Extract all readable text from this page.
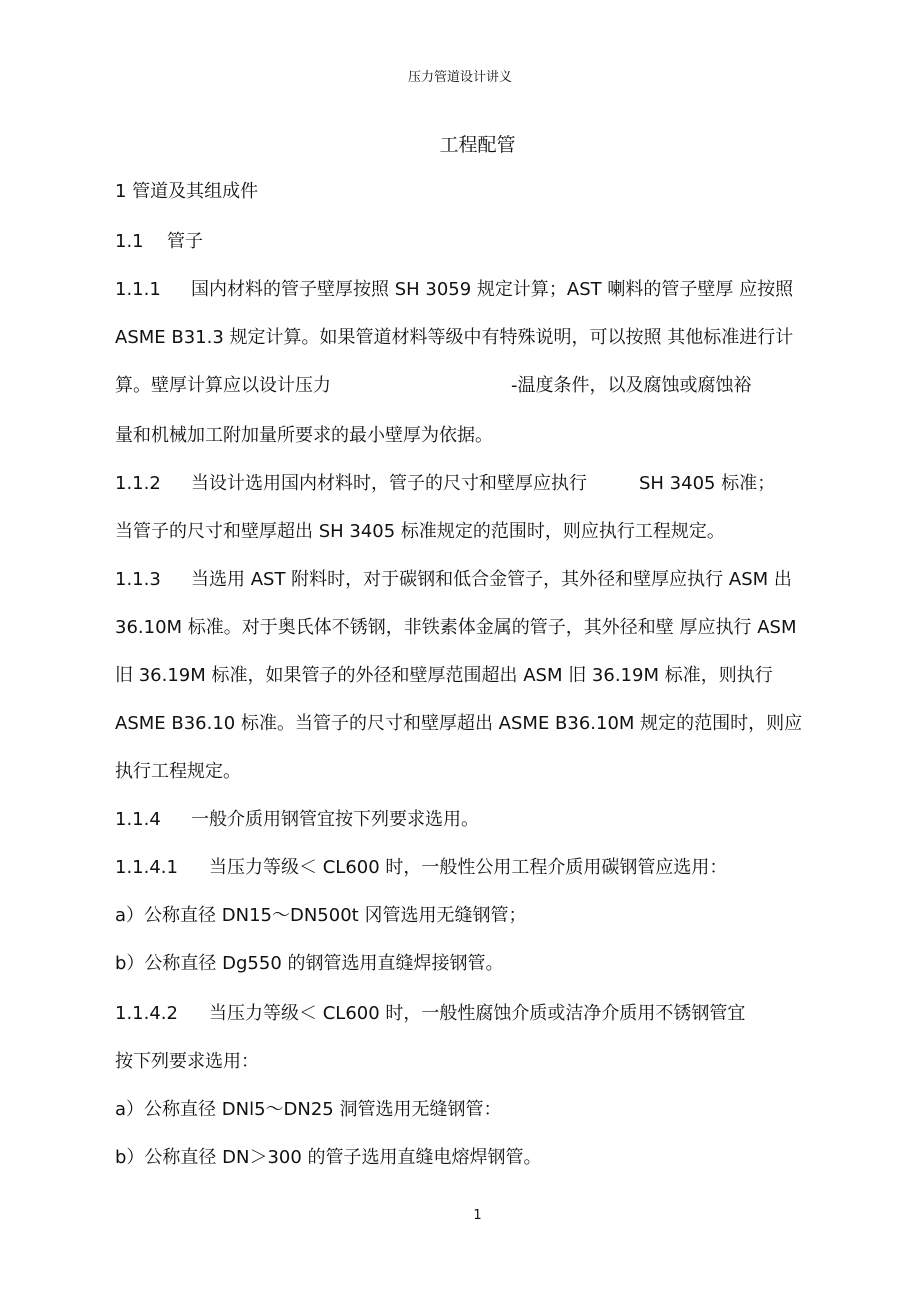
压力管道设计讲义
工程配管
1 管道及其组成件
1.1 管子
1.1.1 国内材料的管子壁厚按照 SH 3059 规定计算；AST 喇料的管子壁厚 应按照
ASME B31.3 规定计算。如果管道材料等级中有特殊说明，可以按照 其他标准进行计
算。壁厚计算应以设计压力	-温度条件，以及腐蚀或腐蚀裕
量和机械加工附加量所要求的最小壁厚为依据。
1.1.2 当设计选用国内材料时，管子的尺寸和壁厚应执行	SH 3405 标准；
当管子的尺寸和壁厚超出 SH 3405 标准规定的范围时，则应执行工程规定。
1.1.3 当选用 AST 附料时，对于碳钢和低合金管子，其外径和壁厚应执行 ASM 出
36.10M 标准。对于奥氏体不锈钢，非铁素体金属的管子，其外径和壁 厚应执行 ASM
旧 36.19M 标准，如果管子的外径和壁厚范围超出 ASM 旧 36.19M 标准，则执行
ASME B36.10 标准。当管子的尺寸和壁厚超出 ASME B36.10M 规定的范围时，则应
执行工程规定。
1.1.4 一般介质用钢管宜按下列要求选用。
1.1.4.1 当压力等级＜ CL600 时，一般性公用工程介质用碳钢管应选用：
a）公称直径 DN15〜DN500t 冈管选用无缝钢管；
b）公称直径 Dg550 的钢管选用直缝焊接钢管。
1.1.4.2 当压力等级＜ CL600 时，一般性腐蚀介质或洁净介质用不锈钢管宜
按下列要求选用：
a）公称直径 DNl5〜DN25 洞管选用无缝钢管：
b）公称直径 DN＞300 的管子选用直缝电熔焊钢管。
1
